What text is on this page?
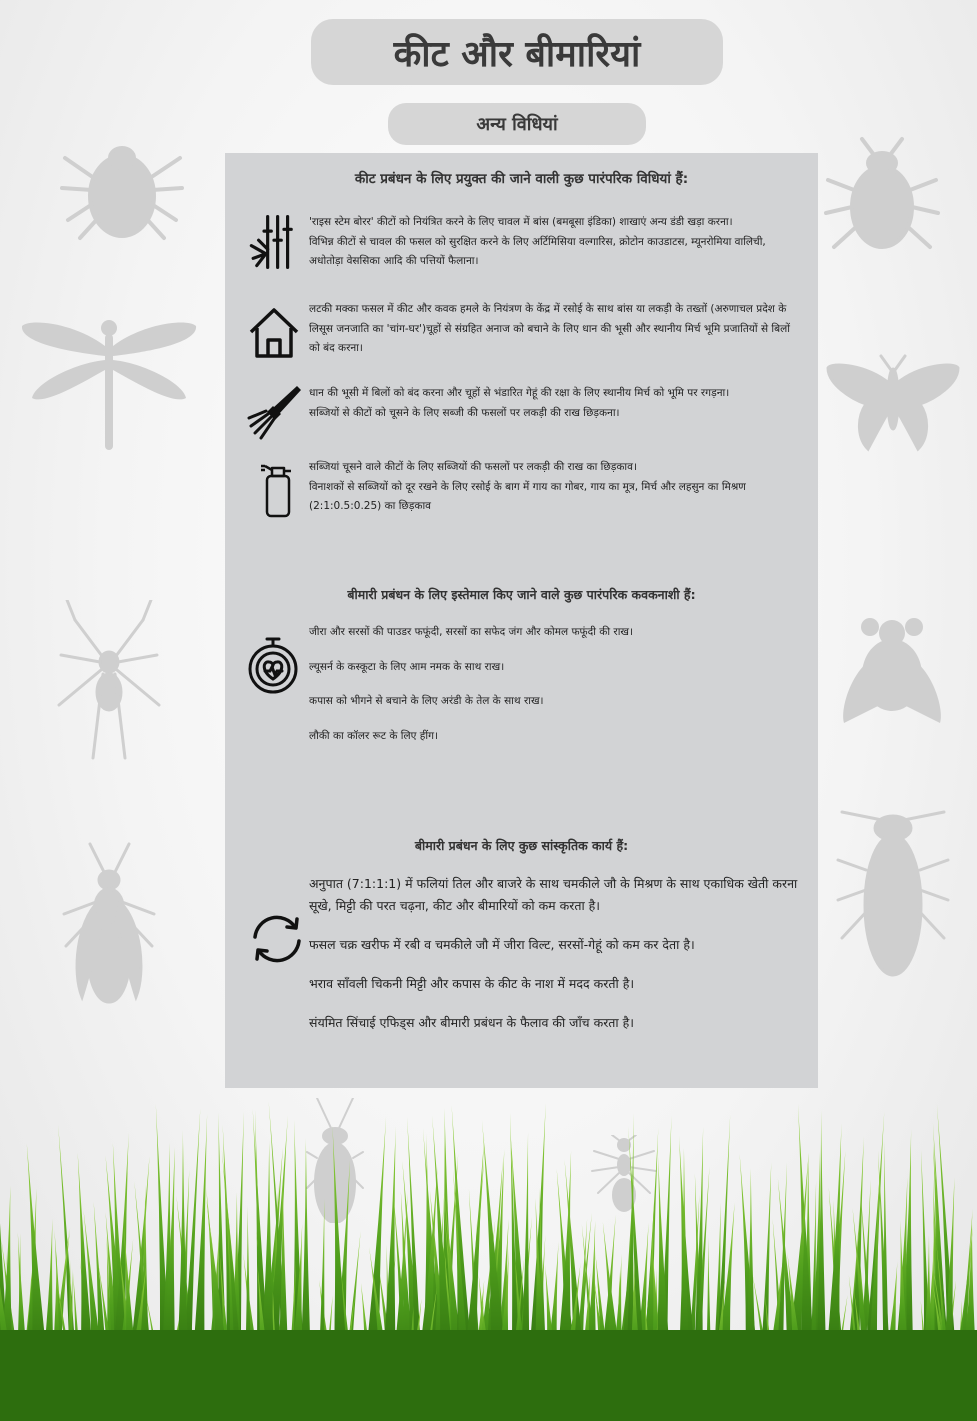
कीट और बीमारियां
अन्य विधियां
कीट प्रबंधन के लिए प्रयुक्त की जाने वाली कुछ पारंपरिक विधियां हैं:

'राइस स्टेम बोरर' कीटों को नियंत्रित करने के लिए चावल में बांस (बमबूसा इंडिका) शाखाएं अन्य डंडी खड़ा करना।

विभिन्न कीटों से चावल की फसल को सुरक्षित करने के लिए अर्टिमिसिया वल्गारिस, क्रोटोन काउडाटस, म्यूनरोमिया वालिची, अधोतोड़ा वेससिका आदि की पत्तियों फैलाना।

लटकी मक्का फसल में कीट और कवक हमले के नियंत्रण के केंद्र में रसोई के साथ बांस या लकड़ी के तख्तों (अरुणाचल प्रदेश के लिसूस जनजाति का 'चांग-घर')चूहों से संग्रहित अनाज को बचाने के लिए धान की भूसी और स्थानीय मिर्च भूमि प्रजातियों से बिलों को बंद करना।

धान की भूसी में बिलों को बंद करना और चूहों से भंडारित गेहूं की रक्षा के लिए स्थानीय मिर्च को भूमि पर रगड़ना।

सब्जियों से कीटों को चूसने के लिए सब्जी की फसलों पर लकड़ी की राख छिड़कना।

सब्जियां चूसने वाले कीटों के लिए सब्जियों की फसलों पर लकड़ी की राख का छिड़काव।

विनाशकों से सब्जियों को दूर रखने के लिए रसोई के बाग में गाय का गोबर, गाय का मूत्र, मिर्च और लहसुन का मिश्रण (2:1:0.5:0.25) का छिड़काव

बीमारी प्रबंधन के लिए इस्तेमाल किए जाने वाले कुछ पारंपरिक कवकनाशी हैं:

जीरा और सरसों की पाउडर फफूंदी, सरसों का सफेद जंग और कोमल फफूंदी की राख।

ल्यूसर्न के कस्कूटा के लिए आम नमक के साथ राख।

कपास को भीगने से बचाने के लिए अरंडी के तेल के साथ राख।

लौकी का कॉलर रूट के लिए हींग।

बीमारी प्रबंधन के लिए कुछ सांस्कृतिक कार्य हैं:

अनुपात (7:1:1:1) में फलियां तिल और बाजरे के साथ चमकीले जौ के मिश्रण के साथ एकाधिक खेती करना सूखे, मिट्टी की परत चढ़ना, कीट और बीमारियों को कम करता है।

फसल चक्र खरीफ में रबी व चमकीले जौ में जीरा विल्ट, सरसों-गेहूं को कम कर देता है।

भराव साँवली चिकनी मिट्टी और कपास के कीट के नाश में मदद करती है।

संयमित सिंचाई एफिड्स और बीमारी प्रबंधन के फैलाव की जाँच करता है।
